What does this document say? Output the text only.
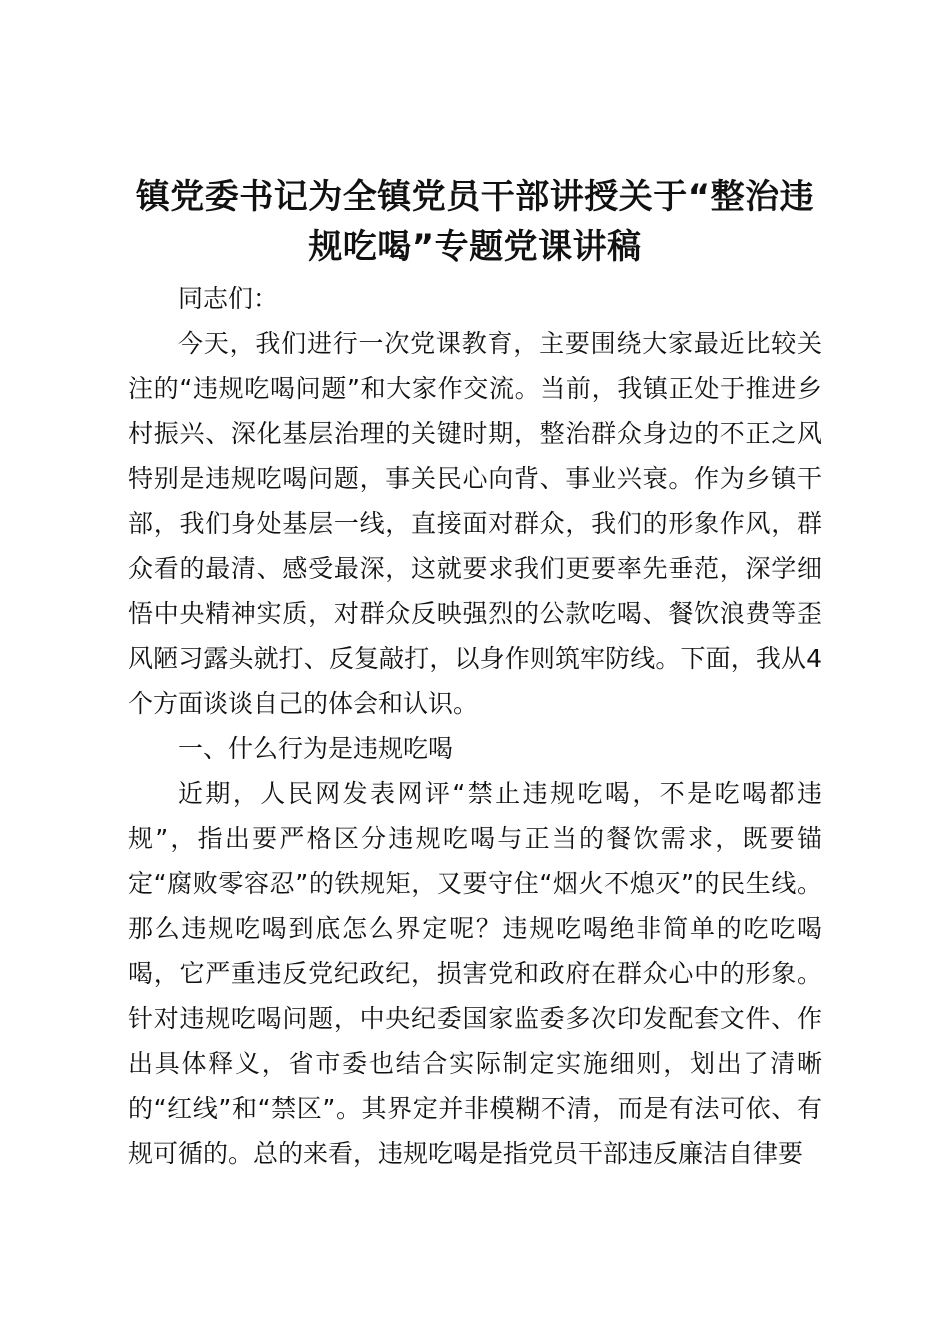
镇党委书记为全镇党员干部讲授关于“整治违规吃喝”专题党课讲稿

同志们：

今天，我们进行一次党课教育，主要围绕大家最近比较关注的“违规吃喝问题”和大家作交流。当前，我镇正处于推进乡村振兴、深化基层治理的关键时期，整治群众身边的不正之风特别是违规吃喝问题，事关民心向背、事业兴衰。作为乡镇干部，我们身处基层一线，直接面对群众，我们的形象作风，群众看的最清、感受最深，这就要求我们更要率先垂范，深学细悟中央精神实质，对群众反映强烈的公款吃喝、餐饮浪费等歪风陋习露头就打、反复敲打，以身作则筑牢防线。下面，我从4个方面谈谈自己的体会和认识。

一、什么行为是违规吃喝

近期，人民网发表网评“禁止违规吃喝，不是吃喝都违规”，指出要严格区分违规吃喝与正当的餐饮需求，既要锚定“腐败零容忍”的铁规矩，又要守住“烟火不熄灭”的民生线。那么违规吃喝到底怎么界定呢？违规吃喝绝非简单的吃吃喝喝，它严重违反党纪政纪，损害党和政府在群众心中的形象。针对违规吃喝问题，中央纪委国家监委多次印发配套文件、作出具体释义，省市委也结合实际制定实施细则，划出了清晰的“红线”和“禁区”。其界定并非模糊不清，而是有法可依、有规可循的。总的来看，违规吃喝是指党员干部违反廉洁自律要
